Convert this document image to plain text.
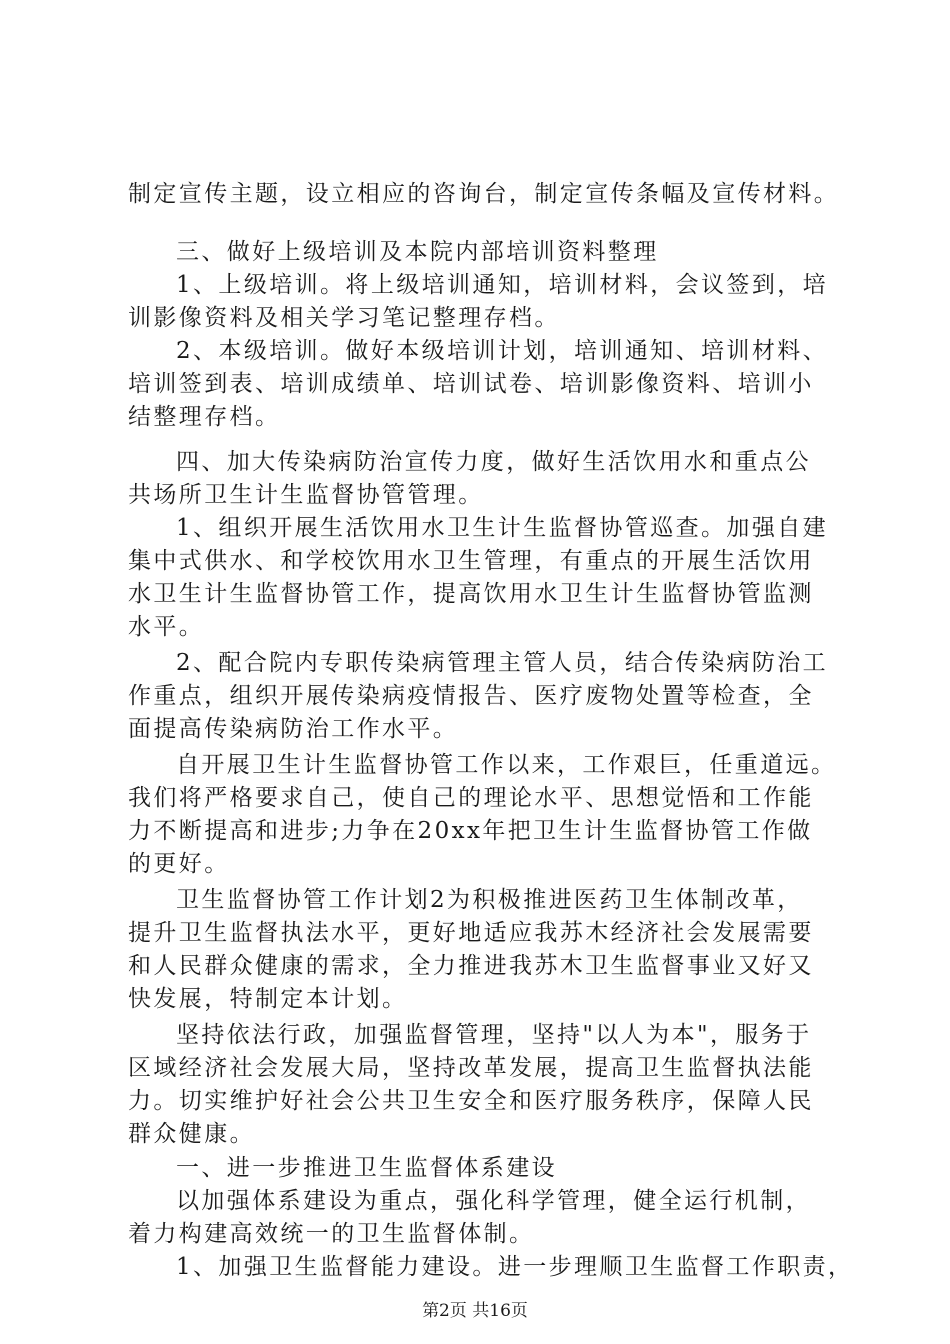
制定宣传主题，设立相应的咨询台，制定宣传条幅及宣传材料。
三、做好上级培训及本院内部培训资料整理
1、上级培训。将上级培训通知，培训材料，会议签到，培
训影像资料及相关学习笔记整理存档。
2、本级培训。做好本级培训计划，培训通知、培训材料、
培训签到表、培训成绩单、培训试卷、培训影像资料、培训小
结整理存档。
四、加大传染病防治宣传力度，做好生活饮用水和重点公
共场所卫生计生监督协管管理。
1、组织开展生活饮用水卫生计生监督协管巡查。加强自建
集中式供水、和学校饮用水卫生管理，有重点的开展生活饮用
水卫生计生监督协管工作，提高饮用水卫生计生监督协管监测
水平。
2、配合院内专职传染病管理主管人员，结合传染病防治工
作重点，组织开展传染病疫情报告、医疗废物处置等检查，全
面提高传染病防治工作水平。
自开展卫生计生监督协管工作以来，工作艰巨，任重道远。
我们将严格要求自己，使自己的理论水平、思想觉悟和工作能
力不断提高和进步;力争在20xx年把卫生计生监督协管工作做
的更好。
卫生监督协管工作计划2为积极推进医药卫生体制改革，
提升卫生监督执法水平，更好地适应我苏木经济社会发展需要
和人民群众健康的需求，全力推进我苏木卫生监督事业又好又
快发展，特制定本计划。
坚持依法行政，加强监督管理，坚持"以人为本"，服务于
区域经济社会发展大局，坚持改革发展，提高卫生监督执法能
力。切实维护好社会公共卫生安全和医疗服务秩序，保障人民
群众健康。
一、进一步推进卫生监督体系建设
以加强体系建设为重点，强化科学管理，健全运行机制，
着力构建高效统一的卫生监督体制。
1、加强卫生监督能力建设。进一步理顺卫生监督工作职责，
第2页 共16页
